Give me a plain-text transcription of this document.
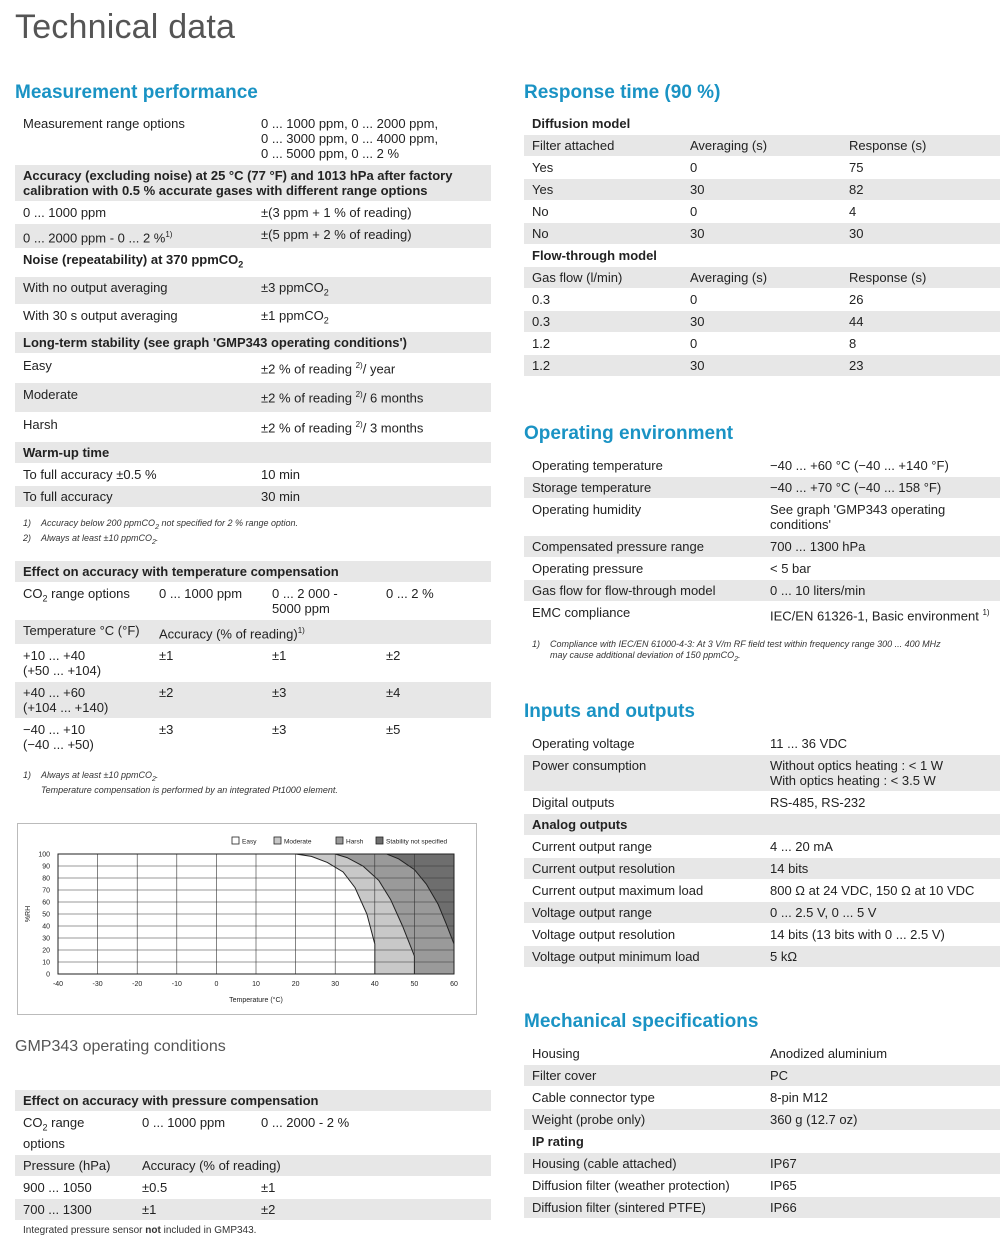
Technical data
Measurement performance
Measurement range options	0 ... 1000 ppm, 0 ... 2000 ppm,
0 ... 3000 ppm, 0 ... 4000 ppm,
0 ... 5000 ppm, 0 ... 2 %
Accuracy (excluding noise) at 25 °C (77 °F) and 1013 hPa after factory calibration with 0.5 % accurate gases with different range options	
0 ... 1000 ppm	±(3 ppm + 1 % of reading)
0 ... 2000 ppm - 0 ... 2 %$^{1)}$	±(5 ppm + 2 % of reading)
Noise (repeatability) at 370 ppmCO$_2$
With no output averaging	±3 ppmCO$_2$
With 30 s output averaging	±1 ppmCO$_2$
Long-term stability (see graph 'GMP343 operating conditions')	
Easy	±2 % of reading $^{2)}$/ year
Moderate	±2 % of reading $^{2)}$/ 6 months
Harsh	±2 % of reading $^{2)}$/ 3 months
Warm-up time	
To full accuracy ±0.5 %	10 min
To full accuracy	30 min
1) Accuracy below 200 ppmCO$_2$ not specified for 2 % range option.
2) Always at least ±10 ppmCO$_2$.
Effect on accuracy with temperature compensation			
$CO_2$ range options	0 ... 1000 ppm	0 ... 2 000 -
5000 ppm	0 ... 2 %
Temperature °C (°F)	Accuracy (% of reading)$^{1)}$
+10 ... +40
(+50 ... +104)	±1	±1	±2
+40 ... +60
(+104 ... +140)	±2	±3	±4
−40 ... +10
(−40 ... +50)	±3	±3	±5
1) Always at least ±10 ppmCO$_2$.
Temperature compensation is performed by an integrated Pt1000 element.
-40	-30	-20	-10	0	10	20	30	40	50	60
0
10
20
30
40
50
60
70
80
90
100
Temperature (°C)
%RH
Easy	Moderate	Harsh	Stability not specified
GMP343 operating conditions
Effect on accuracy with pressure compensation		
$CO_2$ range options	0 ... 1000 ppm	0 ... 2000 - 2 %
Pressure (hPa)	Accuracy (% of reading)	
900 ... 1050	±0.5	±1
700 ... 1300	±1	±2
Integrated pressure sensor not included in GMP343.
Response time (90 %)
Diffusion model		
Filter attached	Averaging (s)	Response (s)
Yes	0	75
Yes	30	82
No	0	4
No	30	30
Flow-through model		
Gas flow (l/min)	Averaging (s)	Response (s)
0.3	0	26
0.3	30	44
1.2	0	8
1.2	30	23
Operating environment
Operating temperature	−40 ... +60 °C (−40 ... +140 °F)
Storage temperature	−40 ... +70 °C (−40 ... 158 °F)
Operating humidity	See graph 'GMP343 operating
conditions'
Compensated pressure range	700 ... 1300 hPa
Operating pressure	< 5 bar
Gas flow for flow-through model	0 ... 10 liters/min
EMC compliance	IEC/EN 61326-1, Basic environment $^{1)}$
1) Compliance with IEC/EN 61000-4-3: At 3 V/m RF field test within frequency range 300 ... 400 MHz
may cause additional deviation of 150 ppmCO$_2$.
Inputs and outputs
Operating voltage	11 ... 36 VDC
Power consumption	Without optics heating : < 1 W
With optics heating : < 3.5 W
Digital outputs	RS-485, RS-232
Analog outputs	
Current output range	4 ... 20 mA
Current output resolution	14 bits
Current output maximum load	800 Ω at 24 VDC, 150 Ω at 10 VDC
Voltage output range	0 ... 2.5 V, 0 ... 5 V
Voltage output resolution	14 bits (13 bits with 0 ... 2.5 V)
Voltage output minimum load	5 kΩ
Mechanical specifications
Housing	Anodized aluminium
Filter cover	PC
Cable connector type	8-pin M12
Weight (probe only)	360 g (12.7 oz)
IP rating	
Housing (cable attached)	IP67
Diffusion filter (weather protection)	IP65
Diffusion filter (sintered PTFE)	IP66
